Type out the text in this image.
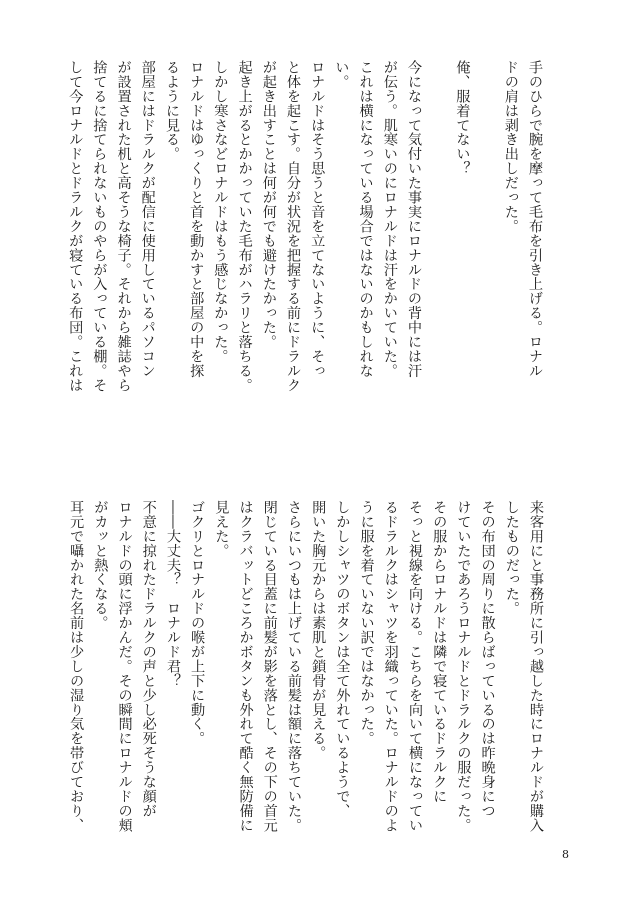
手のひらで腕を摩って毛布を引き上げる。ロナル
ドの肩は剥き出しだった。
俺、服着てない？
今になって気付いた事実にロナルドの背中には汗
が伝う。肌寒いのにロナルドは汗をかいていた。
これは横になっている場合ではないのかもしれな
い。
ロナルドはそう思うと音を立てないように、そっ
と体を起こす。自分が状況を把握する前にドラルク
が起き出すことは何が何でも避けたかった。
起き上がるとかかっていた毛布がハラリと落ちる。
しかし寒さなどロナルドはもう感じなかった。
ロナルドはゆっくりと首を動かすと部屋の中を探
るように見る。
部屋にはドラルクが配信に使用しているパソコン
が設置された机と高そうな椅子。それから雑誌やら
捨てるに捨てられないものやらが入っている棚。そ
して今ロナルドとドラルクが寝ている布団。これは
来客用にと事務所に引っ越した時にロナルドが購入
したものだった。
その布団の周りに散らばっているのは昨晩身につ
けていたであろうロナルドとドラルクの服だった。
その服からロナルドは隣で寝ているドラルクに
そっと視線を向ける。こちらを向いて横になってい
るドラルクはシャツを羽織っていた。ロナルドのよ
うに服を着ていない訳ではなかった。
しかしシャツのボタンは全て外れているようで、
開いた胸元からは素肌と鎖骨が見える。
さらにいつもは上げている前髪は額に落ちていた。
閉じている目蓋に前髪が影を落とし、その下の首元
はクラバットどころかボタンも外れて酷く無防備に
見えた。
ゴクリとロナルドの喉が上下に動く。
――大丈夫？　ロナルド君？
不意に掠れたドラルクの声と少し必死そうな顔が
ロナルドの頭に浮かんだ。その瞬間にロナルドの頬
がカッと熱くなる。
耳元で囁かれた名前は少しの湿り気を帯びており、
8
